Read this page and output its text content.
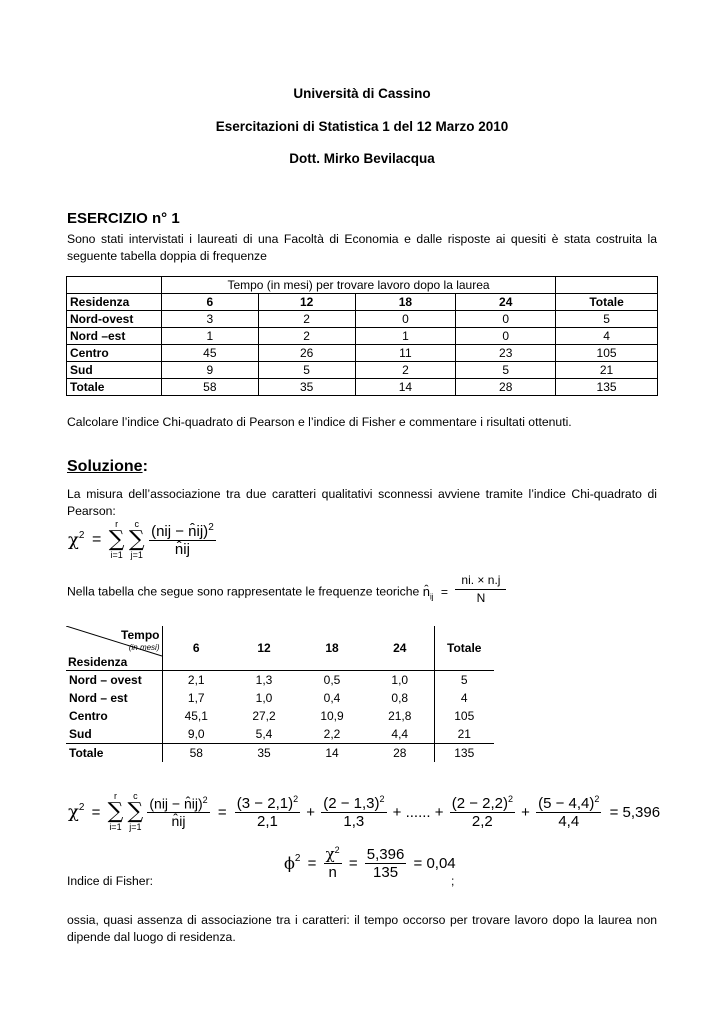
Università di Cassino
Esercitazioni di Statistica 1 del 12 Marzo 2010
Dott. Mirko Bevilacqua
ESERCIZIO n° 1
Sono stati intervistati i laureati di una Facoltà di Economia e dalle risposte ai quesiti è stata costruita la seguente tabella doppia di frequenze
	Tempo (in mesi) per trovare lavoro dopo la laurea				
Residenza	6	12	18	24	Totale
Nord-ovest	3	2	0	0	5
Nord –est	1	2	1	0	4
Centro	45	26	11	23	105
Sud	9	5	2	5	21
Totale	58	35	14	28	135
Calcolare l’indice Chi-quadrato di Pearson e l’indice di Fisher e commentare i risultati ottenuti.
Soluzione:
La misura dell’associazione tra due caratteri qualitativi sconnessi avviene tramite l’indice Chi-quadrato di Pearson:
$\chi^2$ =
r
∑
i=1

c
∑
j=1
$\frac{(nij - n̂ij)^2}{n̂ij}$
Nella tabella che segue sono rappresentate le frequenze teoriche $n̂_{ij} = \frac{ni. \times n.j}{N}$
Tempo
(in mesi)
Residenza	6	12	18	24	Totale
Nord – ovest	2,1	1,3	0,5	1,0	5
Nord – est	1,7	1,0	0,4	0,8	4
Centro	45,1	27,2	10,9	21,8	105
Sud	9,0	5,4	2,2	4,4	21
Totale	58	35	14	28	135
$\chi^2$ =
r
∑
i=1

c
∑
j=1
$\frac{(nij - n̂ij)^2}{n̂ij} = \frac{(3 - 2,1)^2}{2,1} + \frac{(2 - 1,3)^2}{1,3}$ + ...... + $\frac{(2 - 2,2)^2}{2,2} + \frac{(5 - 4,4)^2}{4,4} = 5,396$
$\phi^2 = \frac{\chi^2}{n} = \frac{5,396}{135} = 0,04$
Indice di Fisher:	;
ossia, quasi assenza di associazione tra i caratteri: il tempo occorso per trovare lavoro dopo la laurea non dipende dal luogo di residenza.
